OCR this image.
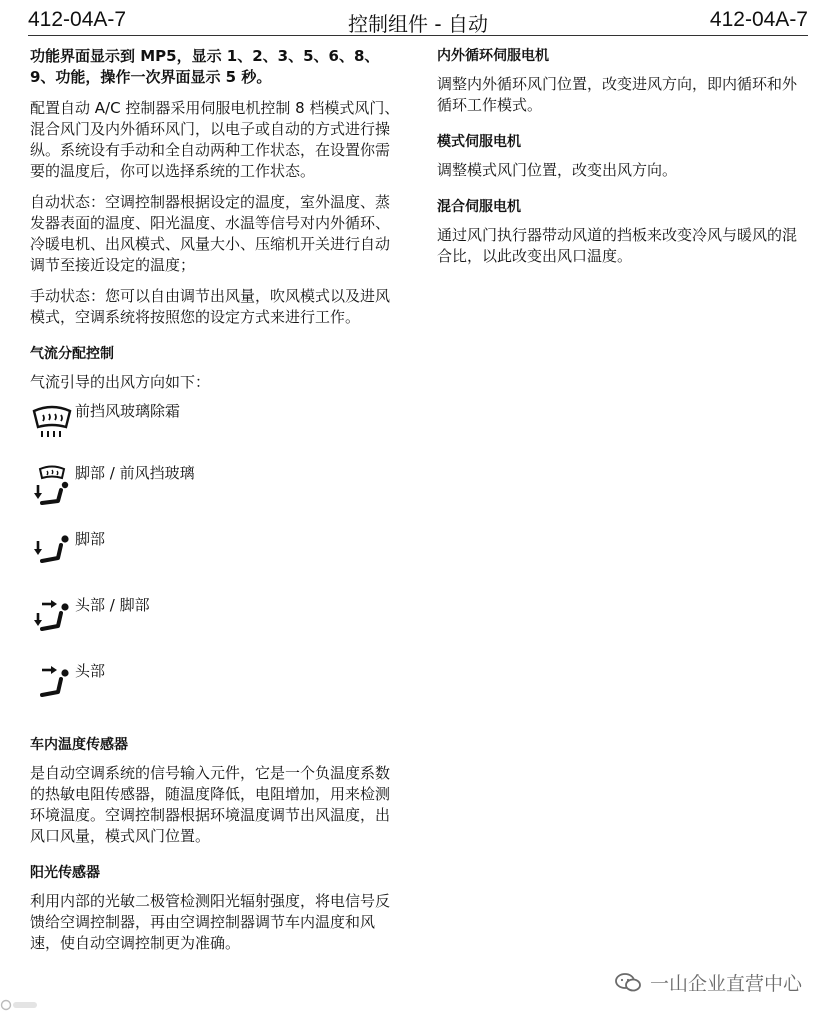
412-04A-7	控制组件 - 自动	412-04A-7

功能界面显示到 MP5，显示 1、2、3、5、6、8、9、功能，操作一次界面显示 5 秒。

配置自动 A/C 控制器采用伺服电机控制 8 档模式风门、混合风门及内外循环风门，以电子或自动的方式进行操纵。系统设有手动和全自动两种工作状态，在设置你需要的温度后，你可以选择系统的工作状态。

自动状态：空调控制器根据设定的温度，室外温度、蒸发器表面的温度、阳光温度、水温等信号对内外循环、冷暖电机、出风模式、风量大小、压缩机开关进行自动调节至接近设定的温度；

手动状态：您可以自由调节出风量，吹风模式以及进风模式，空调系统将按照您的设定方式来进行工作。

气流分配控制

气流引导的出风方向如下：

前挡风玻璃除霜
脚部 / 前风挡玻璃
脚部
头部 / 脚部
头部
车内温度传感器

是自动空调系统的信号输入元件，它是一个负温度系数的热敏电阻传感器，随温度降低，电阻增加，用来检测环境温度。空调控制器根据环境温度调节出风温度，出风口风量，模式风门位置。

阳光传感器

利用内部的光敏二极管检测阳光辐射强度，将电信号反馈给空调控制器，再由空调控制器调节车内温度和风速，使自动空调控制更为准确。

内外循环伺服电机

调整内外循环风门位置，改变进风方向，即内循环和外循环工作模式。

模式伺服电机

调整模式风门位置，改变出风方向。

混合伺服电机

通过风门执行器带动风道的挡板来改变冷风与暖风的混合比，以此改变出风口温度。

一山企业直营中心
